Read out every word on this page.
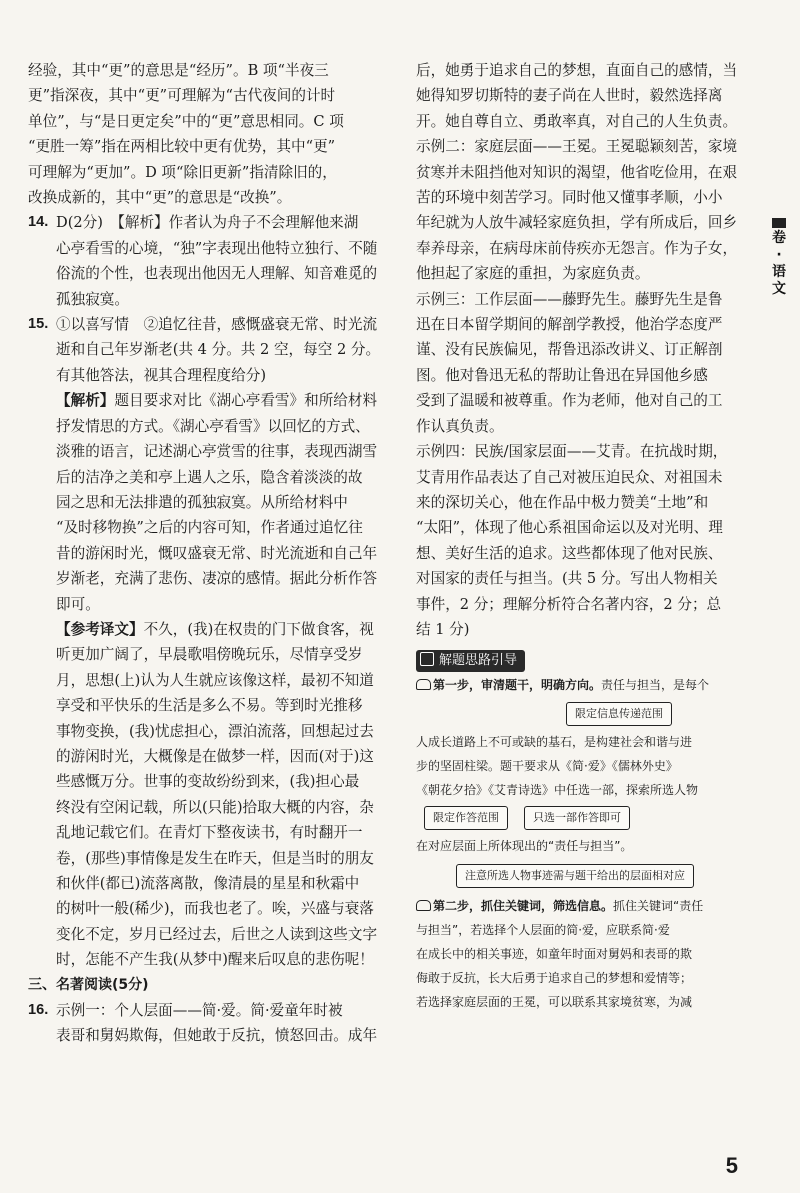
经验，其中“更”的意思是“经历”。B 项“半夜三

更”指深夜，其中“更”可理解为“古代夜间的计时

单位”，与“是日更定矣”中的“更”意思相同。C 项

“更胜一筹”指在两相比较中更有优势，其中“更”

可理解为“更加”。D 项“除旧更新”指清除旧的，

改换成新的，其中“更”的意思是“改换”。

14. D(2分)　【解析】作者认为舟子不会理解他来湖

心亭看雪的心境，“独”字表现出他特立独行、不随

俗流的个性，也表现出他因无人理解、知音难觅的

孤独寂寞。

15. ①以喜写情　②追忆往昔，感慨盛衰无常、时光流

逝和自己年岁渐老(共 4 分。共 2 空，每空 2 分。

有其他答法，视其合理程度给分)

【解析】题目要求对比《湖心亭看雪》和所给材料

抒发情思的方式。《湖心亭看雪》以回忆的方式、

淡雅的语言，记述湖心亭赏雪的往事，表现西湖雪

后的洁净之美和亭上遇人之乐，隐含着淡淡的故

园之思和无法排遣的孤独寂寞。从所给材料中

“及时移物换”之后的内容可知，作者通过追忆往

昔的游闲时光，慨叹盛衰无常、时光流逝和自己年

岁渐老，充满了悲伤、凄凉的感情。据此分析作答

即可。

【参考译文】不久，(我)在权贵的门下做食客，视

听更加广阔了，早晨歌唱傍晚玩乐，尽情享受岁

月，思想(上)认为人生就应该像这样，最初不知道

享受和平快乐的生活是多么不易。等到时光推移

事物变换，(我)忧虑担心，漂泊流落，回想起过去

的游闲时光，大概像是在做梦一样，因而(对于)这

些感慨万分。世事的变故纷纷到来，(我)担心最

终没有空闲记载，所以(只能)拾取大概的内容，杂

乱地记载它们。在青灯下整夜读书，有时翻开一

卷，(那些)事情像是发生在昨天，但是当时的朋友

和伙伴(都已)流落离散，像清晨的星星和秋霜中

的树叶一般(稀少)，而我也老了。唉，兴盛与衰落

变化不定，岁月已经过去，后世之人读到这些文字

时，怎能不产生我(从梦中)醒来后叹息的悲伤呢！

三、名著阅读(5分)

16. 示例一：个人层面——简·爱。简·爱童年时被

表哥和舅妈欺侮，但她敢于反抗，愤怒回击。成年

后，她勇于追求自己的梦想，直面自己的感情，当

她得知罗切斯特的妻子尚在人世时，毅然选择离

开。她自尊自立、勇敢率真，对自己的人生负责。

示例二：家庭层面——王冕。王冕聪颖刻苦，家境

贫寒并未阻挡他对知识的渴望，他省吃俭用，在艰

苦的环境中刻苦学习。同时他又懂事孝顺，小小

年纪就为人放牛减轻家庭负担，学有所成后，回乡

奉养母亲，在病母床前侍疾亦无怨言。作为子女，

他担起了家庭的重担，为家庭负责。

示例三：工作层面——藤野先生。藤野先生是鲁

迅在日本留学期间的解剖学教授，他治学态度严

谨、没有民族偏见，帮鲁迅添改讲义、订正解剖

图。他对鲁迅无私的帮助让鲁迅在异国他乡感

受到了温暖和被尊重。作为老师，他对自己的工

作认真负责。

示例四：民族/国家层面——艾青。在抗战时期，

艾青用作品表达了自己对被压迫民众、对祖国未

来的深切关心，他在作品中极力赞美“土地”和

“太阳”，体现了他心系祖国命运以及对光明、理

想、美好生活的追求。这些都体现了他对民族、

对国家的责任与担当。(共 5 分。写出人物相关

事件，2 分；理解分析符合名著内容，2 分；总

结 1 分)

解题思路引导
第一步，审清题干，明确方向。责任与担当，是每个
限定信息传递范围
人成长道路上不可或缺的基石，是构建社会和谐与进
步的坚固柱梁。题干要求从《简·爱》《儒林外史》
《朝花夕拾》《艾青诗选》中任选一部，探索所选人物
限定作答范围	只选一部作答即可
在对应层面上所体现出的“责任与担当”。
注意所选人物事迹需与题干给出的层面相对应
第二步，抓住关键词，筛选信息。抓住关键词“责任
与担当”，若选择个人层面的简·爱，应联系简·爱
在成长中的相关事迹，如童年时面对舅妈和表哥的欺
侮敢于反抗，长大后勇于追求自己的梦想和爱情等；
若选择家庭层面的王冕，可以联系其家境贫寒，为减
卷
·
语
文
5
